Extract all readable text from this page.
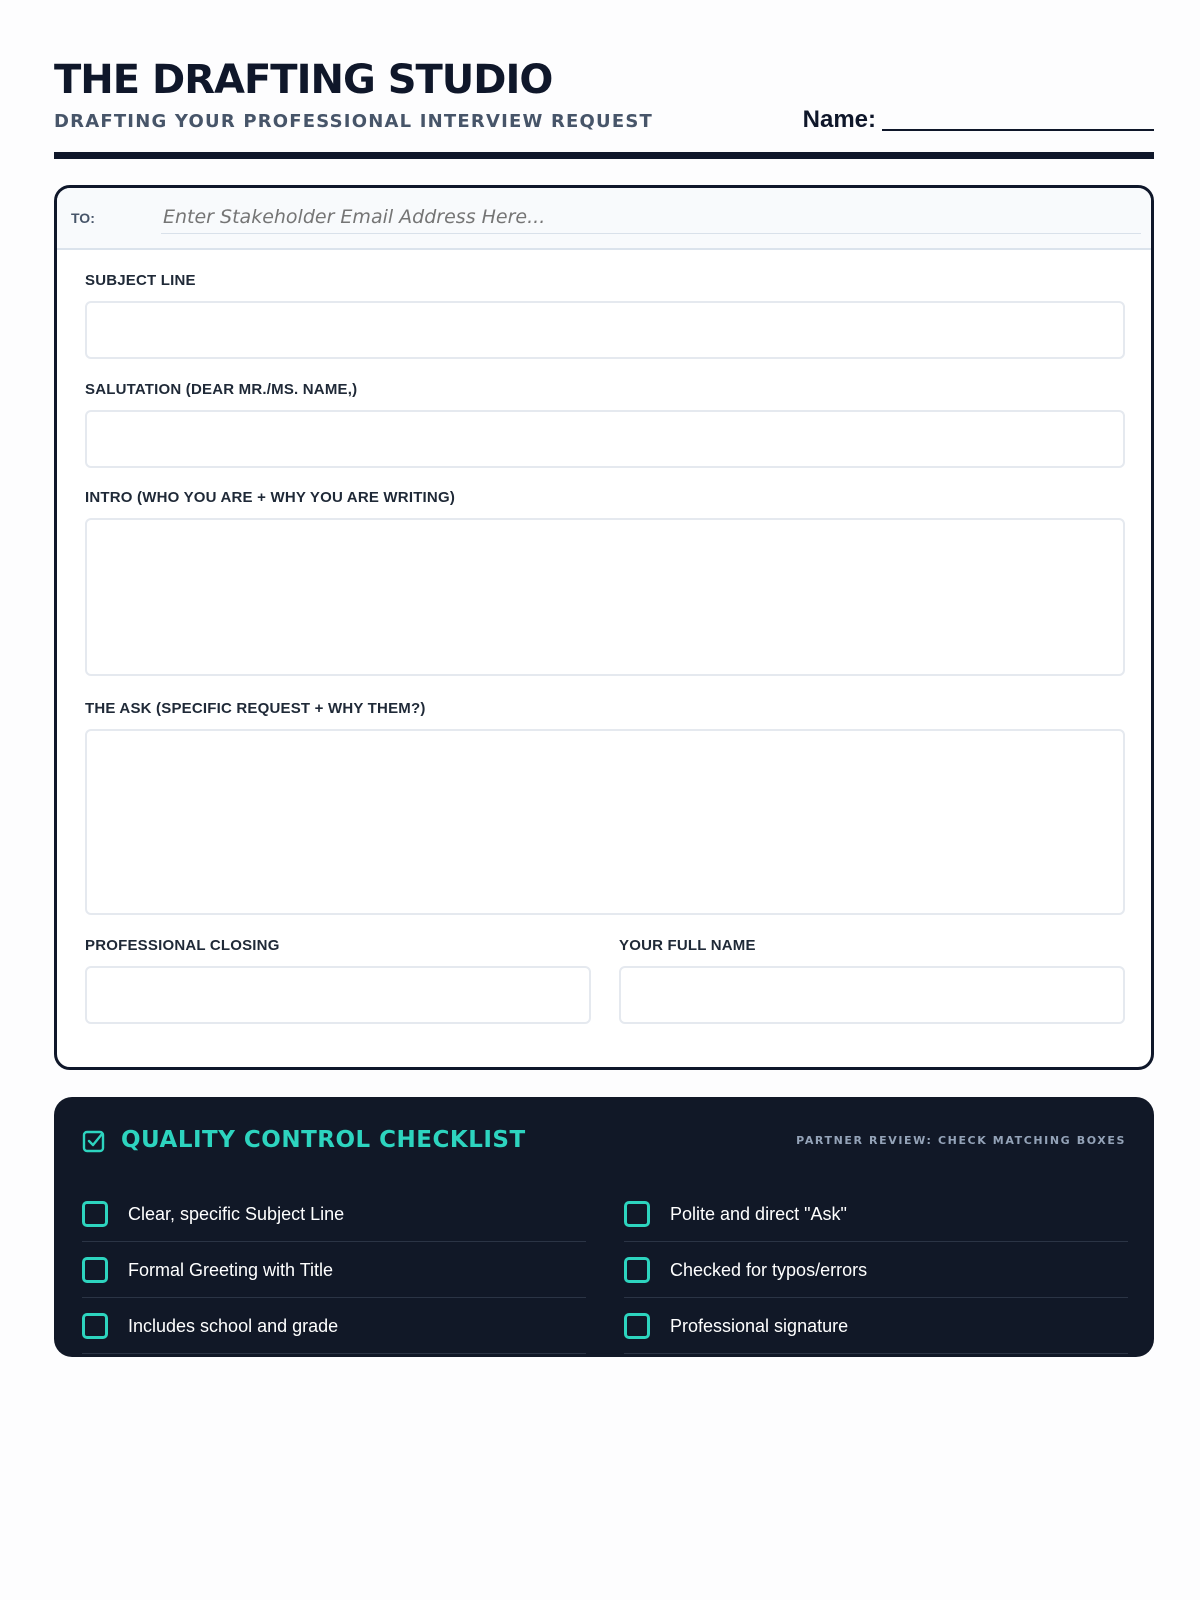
THE DRAFTING STUDIO
DRAFTING YOUR PROFESSIONAL INTERVIEW REQUEST	Name:
TO:
Enter Stakeholder Email Address Here...
SUBJECT LINE
SALUTATION (DEAR MR./MS. NAME,)
INTRO (WHO YOU ARE + WHY YOU ARE WRITING)
THE ASK (SPECIFIC REQUEST + WHY THEM?)
PROFESSIONAL CLOSING	YOUR FULL NAME
QUALITY CONTROL CHECKLIST	PARTNER REVIEW: CHECK MATCHING BOXES
Clear, specific Subject Line	Polite and direct "Ask"
Formal Greeting with Title	Checked for typos/errors
Includes school and grade	Professional signature
